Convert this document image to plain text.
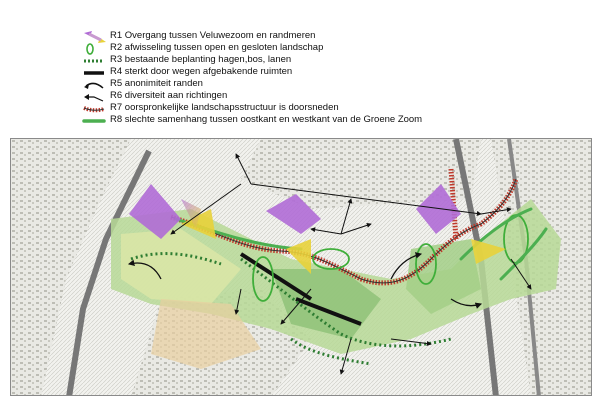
R1 Overgang tussen Veluwezoom en randmeren
R2 afwisseling tussen open en gesloten landschap
R3 bestaande beplanting hagen,bos, lanen
R4 sterkt door wegen afgebakende ruimten
R5 anonimiteit randen
R6 diversiteit aan richtingen
R7 oorspronkelijke landschapsstructuur is doorsneden
R8 slechte samenhang tussen oostkant en westkant van de Groene Zoom
